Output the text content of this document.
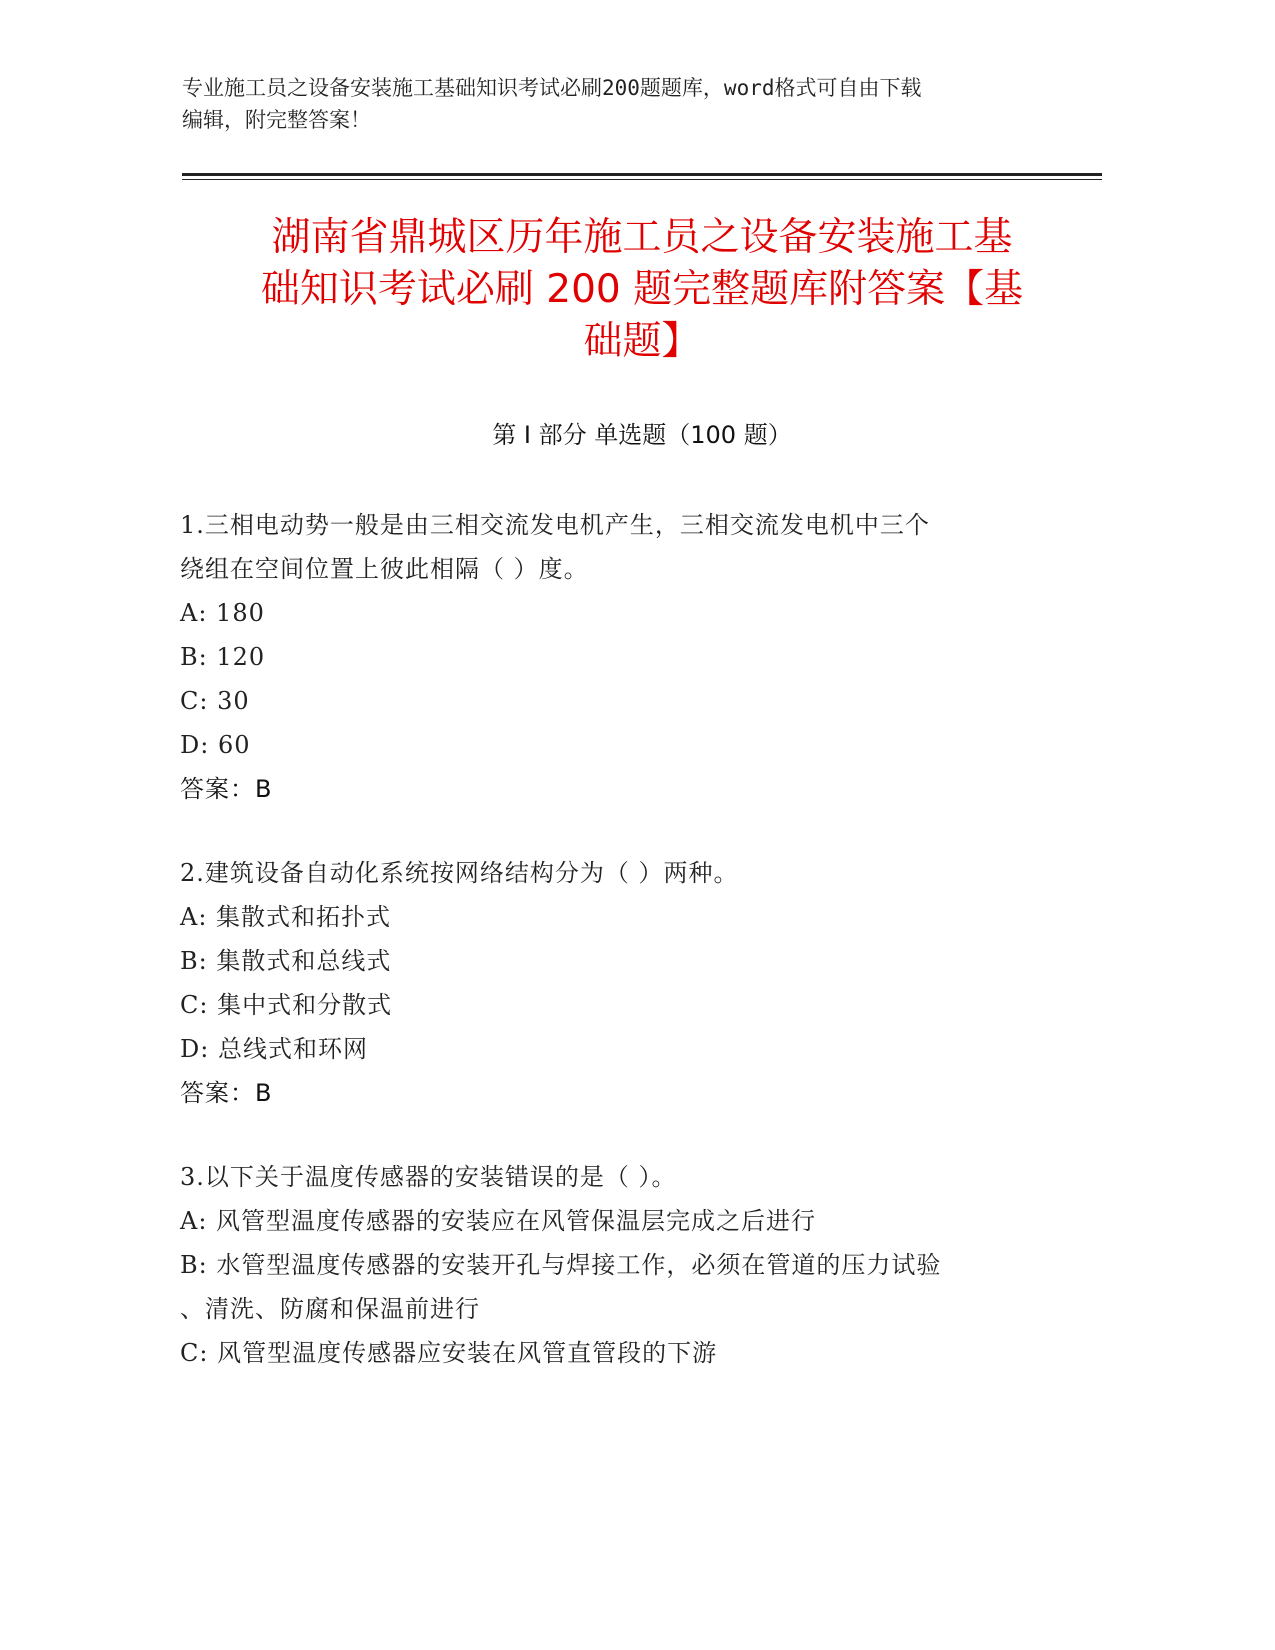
专业施工员之设备安装施工基础知识考试必刷200题题库，word格式可自由下载
编辑，附完整答案！
湖南省鼎城区历年施工员之设备安装施工基
础知识考试必刷 200 题完整题库附答案【基
础题】
第 I 部分 单选题（100 题）
1.三相电动势一般是由三相交流发电机产生，三相交流发电机中三个
绕组在空间位置上彼此相隔（ ）度。
A: 180
B: 120
C: 30
D: 60
答案：B
2.建筑设备自动化系统按网络结构分为（ ）两种。
A: 集散式和拓扑式
B: 集散式和总线式
C: 集中式和分散式
D: 总线式和环网
答案：B
3.以下关于温度传感器的安装错误的是（ ）。
A: 风管型温度传感器的安装应在风管保温层完成之后进行
B: 水管型温度传感器的安装开孔与焊接工作，必须在管道的压力试验
、清洗、防腐和保温前进行
C: 风管型温度传感器应安装在风管直管段的下游
